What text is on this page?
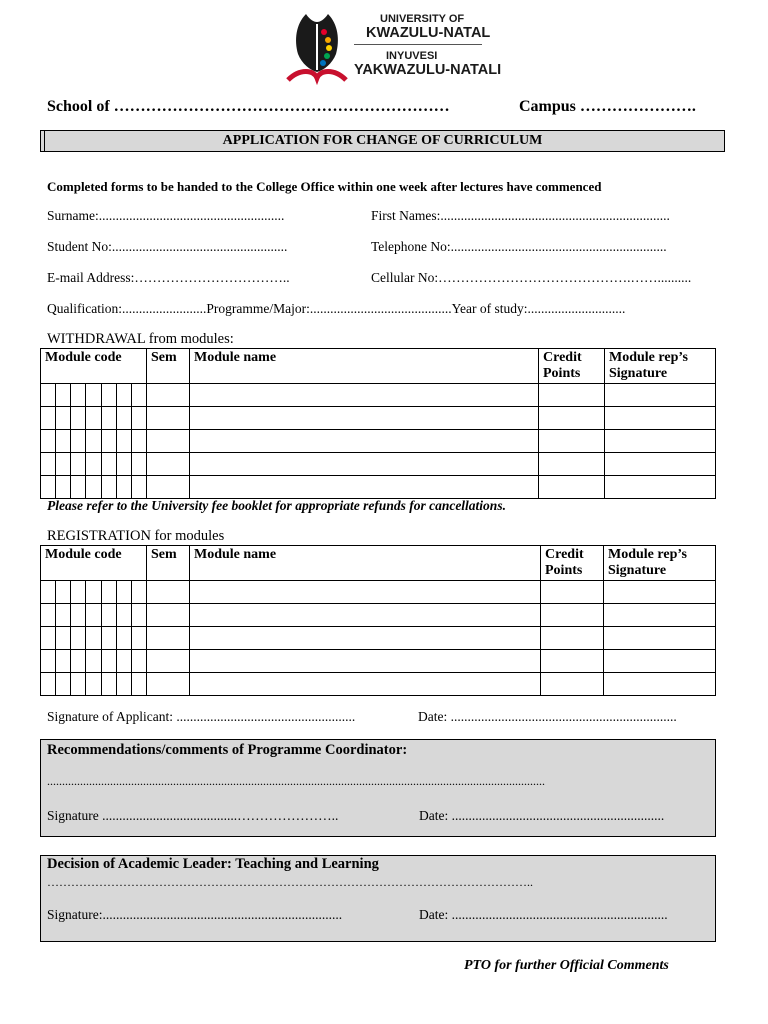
UNIVERSITY OF
KWAZULU-NATAL
INYUVESI
YAKWAZULU-NATALI
School of ………………………………………………………	Campus ………………….
APPLICATION FOR CHANGE OF CURRICULUM
Completed forms to be handed to the College Office within one week after lectures have commenced
Surname:.......................................................	First Names:....................................................................
Student No:....................................................	Telephone No:................................................................
E-mail Address:……………………………..	Cellular No:…………………………………….……..........
Qualification:.........................Programme/Major:..........................................Year of study:.............................
WITHDRAWAL from modules:
Module code	Sem	Module name	Credit Points	Module rep’s Signature

Please refer to the University fee booklet for appropriate refunds for cancellations.
REGISTRATION for modules
Module code	Sem	Module name	Credit Points	Module rep’s Signature

Signature of Applicant: .....................................................	Date: ...................................................................
Recommendations/comments of Programme Coordinator:
......................................................................................................................................................................
Signature ........................................…………………..	Date: ...............................................................
Decision of Academic Leader: Teaching and Learning
…………………………………………………………………………………………………………..
Signature:.......................................................................	Date: ................................................................
PTO for further Official Comments
